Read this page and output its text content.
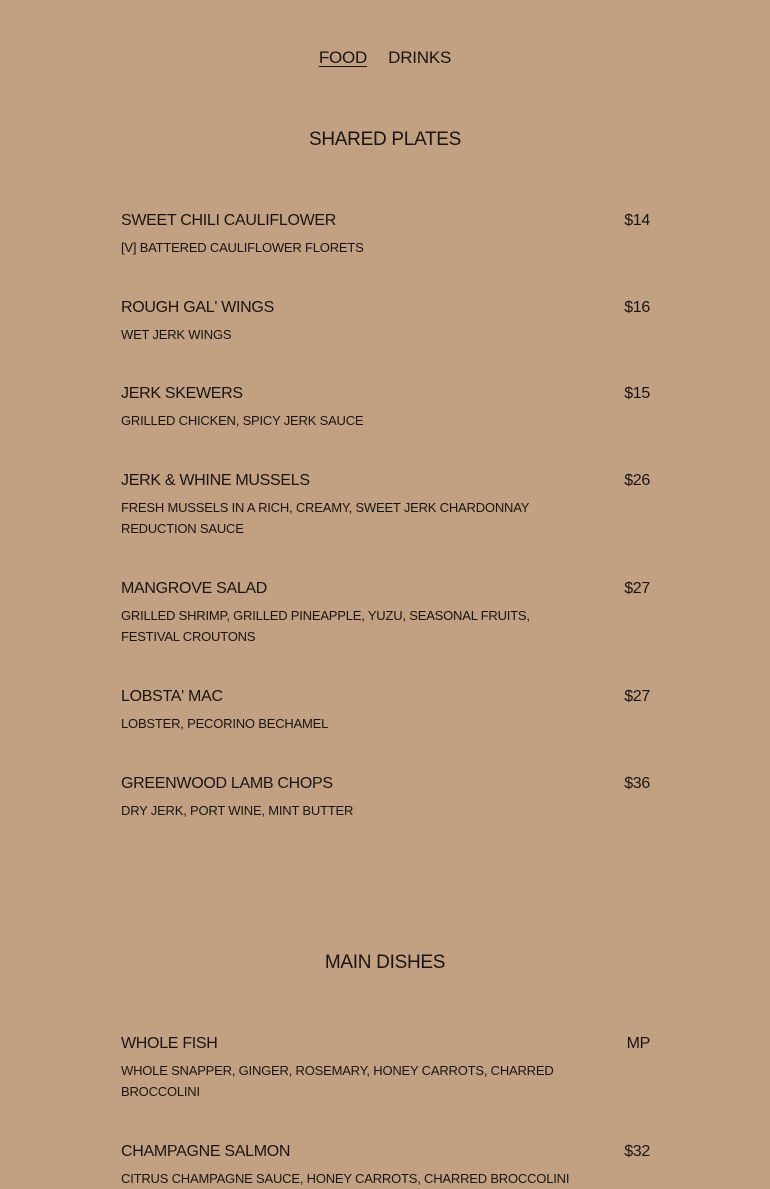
FOOD DRINKS
SHARED PLATES
SWEET CHILI CAULIFLOWER	$14
[V] BATTERED CAULIFLOWER FLORETS
ROUGH GAL' WINGS	$16
WET JERK WINGS
JERK SKEWERS	$15
GRILLED CHICKEN, SPICY JERK SAUCE
JERK & WHINE MUSSELS	$26
FRESH MUSSELS IN A RICH, CREAMY, SWEET JERK CHARDONNAY REDUCTION SAUCE
MANGROVE SALAD	$27
GRILLED SHRIMP, GRILLED PINEAPPLE, YUZU, SEASONAL FRUITS, FESTIVAL CROUTONS
LOBSTA' MAC	$27
LOBSTER, PECORINO BECHAMEL
GREENWOOD LAMB CHOPS	$36
DRY JERK, PORT WINE, MINT BUTTER
MAIN DISHES
WHOLE FISH	MP
WHOLE SNAPPER, GINGER, ROSEMARY, HONEY CARROTS, CHARRED BROCCOLINI
CHAMPAGNE SALMON	$32
CITRUS CHAMPAGNE SAUCE, HONEY CARROTS, CHARRED BROCCOLINI
